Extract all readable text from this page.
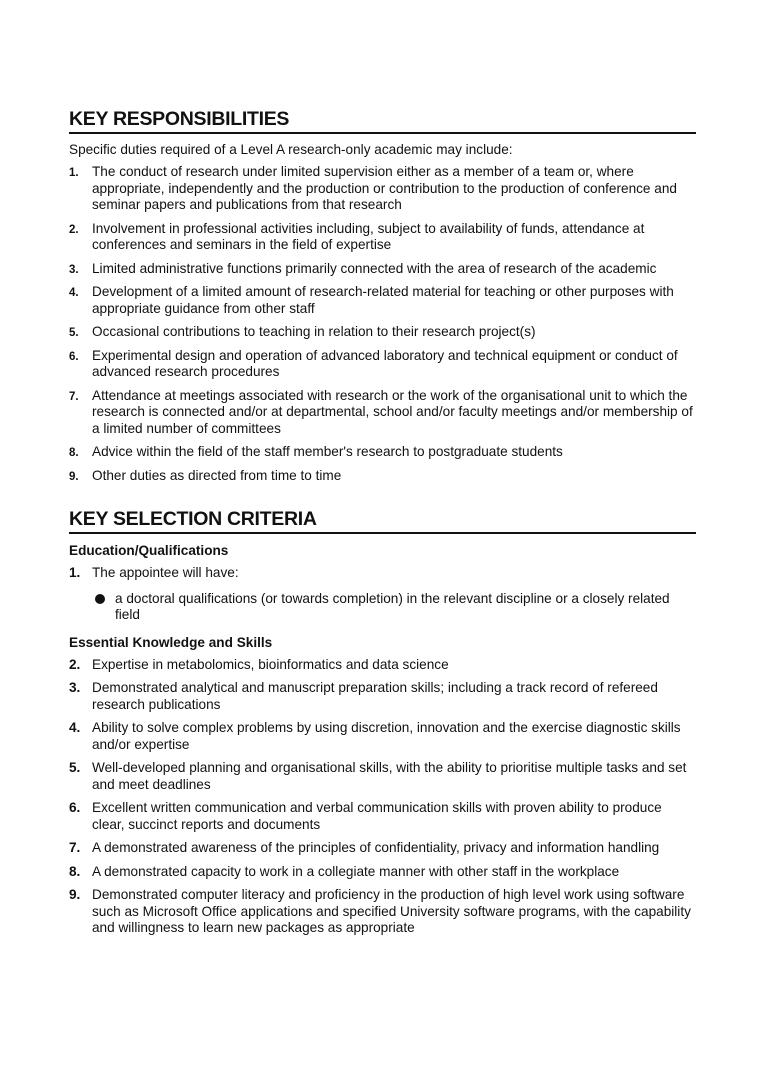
KEY RESPONSIBILITIES

Specific duties required of a Level A research-only academic may include:

1. The conduct of research under limited supervision either as a member of a team or, where appropriate, independently and the production or contribution to the production of conference and seminar papers and publications from that research
2. Involvement in professional activities including, subject to availability of funds, attendance at conferences and seminars in the field of expertise
3. Limited administrative functions primarily connected with the area of research of the academic
4. Development of a limited amount of research-related material for teaching or other purposes with appropriate guidance from other staff
5. Occasional contributions to teaching in relation to their research project(s)
6. Experimental design and operation of advanced laboratory and technical equipment or conduct of advanced research procedures
7. Attendance at meetings associated with research or the work of the organisational unit to which the research is connected and/or at departmental, school and/or faculty meetings and/or membership of a limited number of committees
8. Advice within the field of the staff member's research to postgraduate students
9. Other duties as directed from time to time
KEY SELECTION CRITERIA
Education/Qualifications
1. The appointee will have:
a doctoral qualifications (or towards completion) in the relevant discipline or a closely related field
Essential Knowledge and Skills
2. Expertise in metabolomics, bioinformatics and data science
3. Demonstrated analytical and manuscript preparation skills; including a track record of refereed research publications
4. Ability to solve complex problems by using discretion, innovation and the exercise diagnostic skills and/or expertise
5. Well-developed planning and organisational skills, with the ability to prioritise multiple tasks and set and meet deadlines
6. Excellent written communication and verbal communication skills with proven ability to produce clear, succinct reports and documents
7. A demonstrated awareness of the principles of confidentiality, privacy and information handling
8. A demonstrated capacity to work in a collegiate manner with other staff in the workplace
9. Demonstrated computer literacy and proficiency in the production of high level work using software such as Microsoft Office applications and specified University software programs, with the capability and willingness to learn new packages as appropriate
